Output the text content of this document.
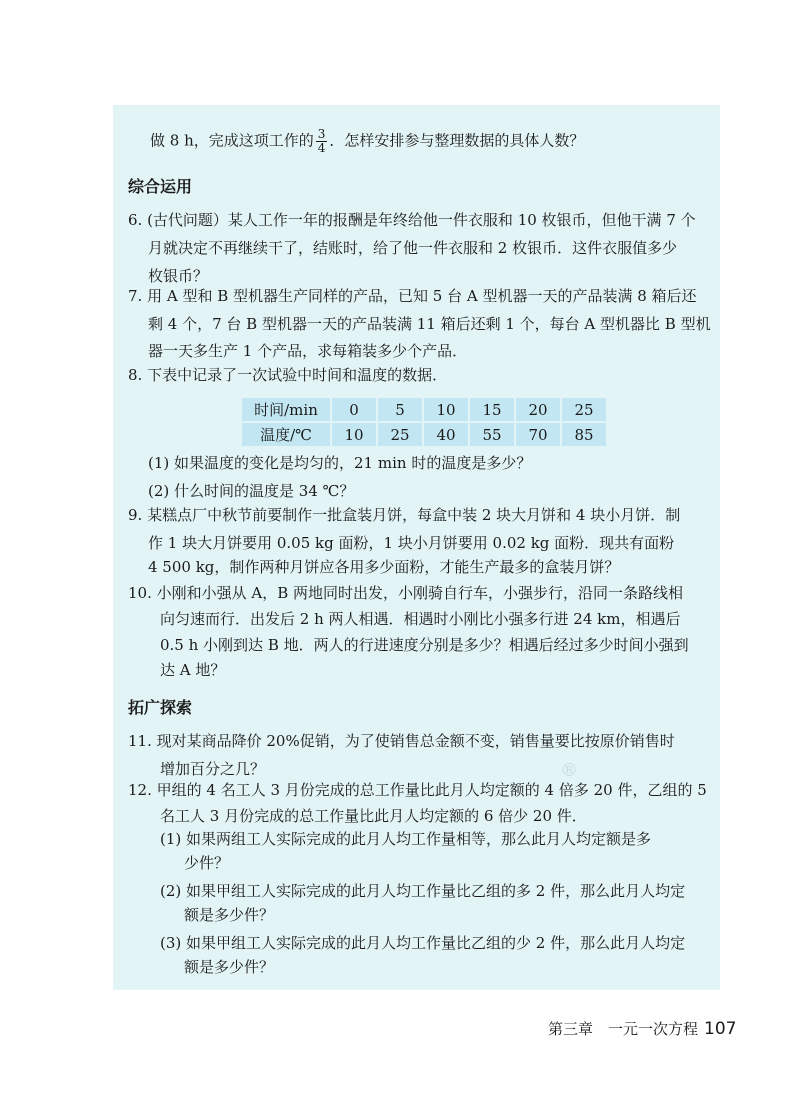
做 8 h，完成这项工作的 $\frac{3}{4}$ ．怎样安排参与整理数据的具体人数？
综合运用
6. (古代问题）某人工作一年的报酬是年终给他一件衣服和 10 枚银币，但他干满 7 个
月就决定不再继续干了，结账时，给了他一件衣服和 2 枚银币．这件衣服值多少
枚银币？
7. 用 A 型和 B 型机器生产同样的产品，已知 5 台 A 型机器一天的产品装满 8 箱后还
剩 4 个，7 台 B 型机器一天的产品装满 11 箱后还剩 1 个，每台 A 型机器比 B 型机
器一天多生产 1 个产品，求每箱装多少个产品．
8. 下表中记录了一次试验中时间和温度的数据．
时间/min	0	5	10	15	20	25
温度/℃	10	25	40	55	70	85
(1) 如果温度的变化是均匀的，21 min 时的温度是多少？
(2) 什么时间的温度是 34 ℃？
9. 某糕点厂中秋节前要制作一批盒装月饼，每盒中装 2 块大月饼和 4 块小月饼．制
作 1 块大月饼要用 0.05 kg 面粉，1 块小月饼要用 0.02 kg 面粉．现共有面粉
4 500 kg，制作两种月饼应各用多少面粉，才能生产最多的盒装月饼？
10. 小刚和小强从 A，B 两地同时出发，小刚骑自行车，小强步行，沿同一条路线相
向匀速而行．出发后 2 h 两人相遇．相遇时小刚比小强多行进 24 km，相遇后
0.5 h 小刚到达 B 地．两人的行进速度分别是多少？相遇后经过多少时间小强到
达 A 地？
拓广探索
11. 现对某商品降价 20%促销，为了使销售总金额不变，销售量要比按原价销售时
增加百分之几？	®
12. 甲组的 4 名工人 3 月份完成的总工作量比此月人均定额的 4 倍多 20 件，乙组的 5
名工人 3 月份完成的总工作量比此月人均定额的 6 倍少 20 件．
(1) 如果两组工人实际完成的此月人均工作量相等，那么此月人均定额是多
少件？
(2) 如果甲组工人实际完成的此月人均工作量比乙组的多 2 件，那么此月人均定
额是多少件？
(3) 如果甲组工人实际完成的此月人均工作量比乙组的少 2 件，那么此月人均定
额是多少件？
第三章　一元一次方程 107
